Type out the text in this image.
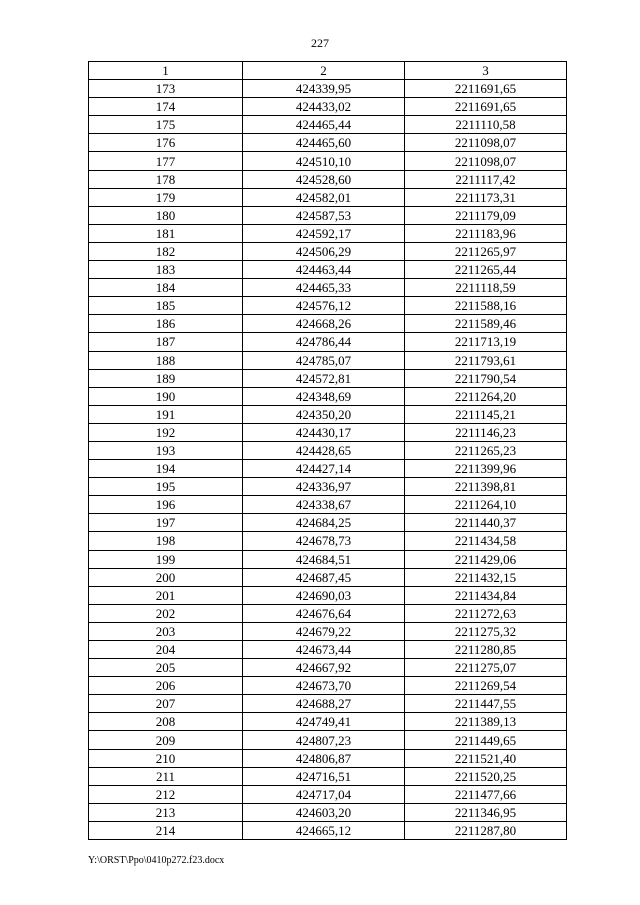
227
1	2	3
173	424339,95	2211691,65
174	424433,02	2211691,65
175	424465,44	2211110,58
176	424465,60	2211098,07
177	424510,10	2211098,07
178	424528,60	2211117,42
179	424582,01	2211173,31
180	424587,53	2211179,09
181	424592,17	2211183,96
182	424506,29	2211265,97
183	424463,44	2211265,44
184	424465,33	2211118,59
185	424576,12	2211588,16
186	424668,26	2211589,46
187	424786,44	2211713,19
188	424785,07	2211793,61
189	424572,81	2211790,54
190	424348,69	2211264,20
191	424350,20	2211145,21
192	424430,17	2211146,23
193	424428,65	2211265,23
194	424427,14	2211399,96
195	424336,97	2211398,81
196	424338,67	2211264,10
197	424684,25	2211440,37
198	424678,73	2211434,58
199	424684,51	2211429,06
200	424687,45	2211432,15
201	424690,03	2211434,84
202	424676,64	2211272,63
203	424679,22	2211275,32
204	424673,44	2211280,85
205	424667,92	2211275,07
206	424673,70	2211269,54
207	424688,27	2211447,55
208	424749,41	2211389,13
209	424807,23	2211449,65
210	424806,87	2211521,40
211	424716,51	2211520,25
212	424717,04	2211477,66
213	424603,20	2211346,95
214	424665,12	2211287,80
Y:\ORST\Ppo\0410p272.f23.docx
